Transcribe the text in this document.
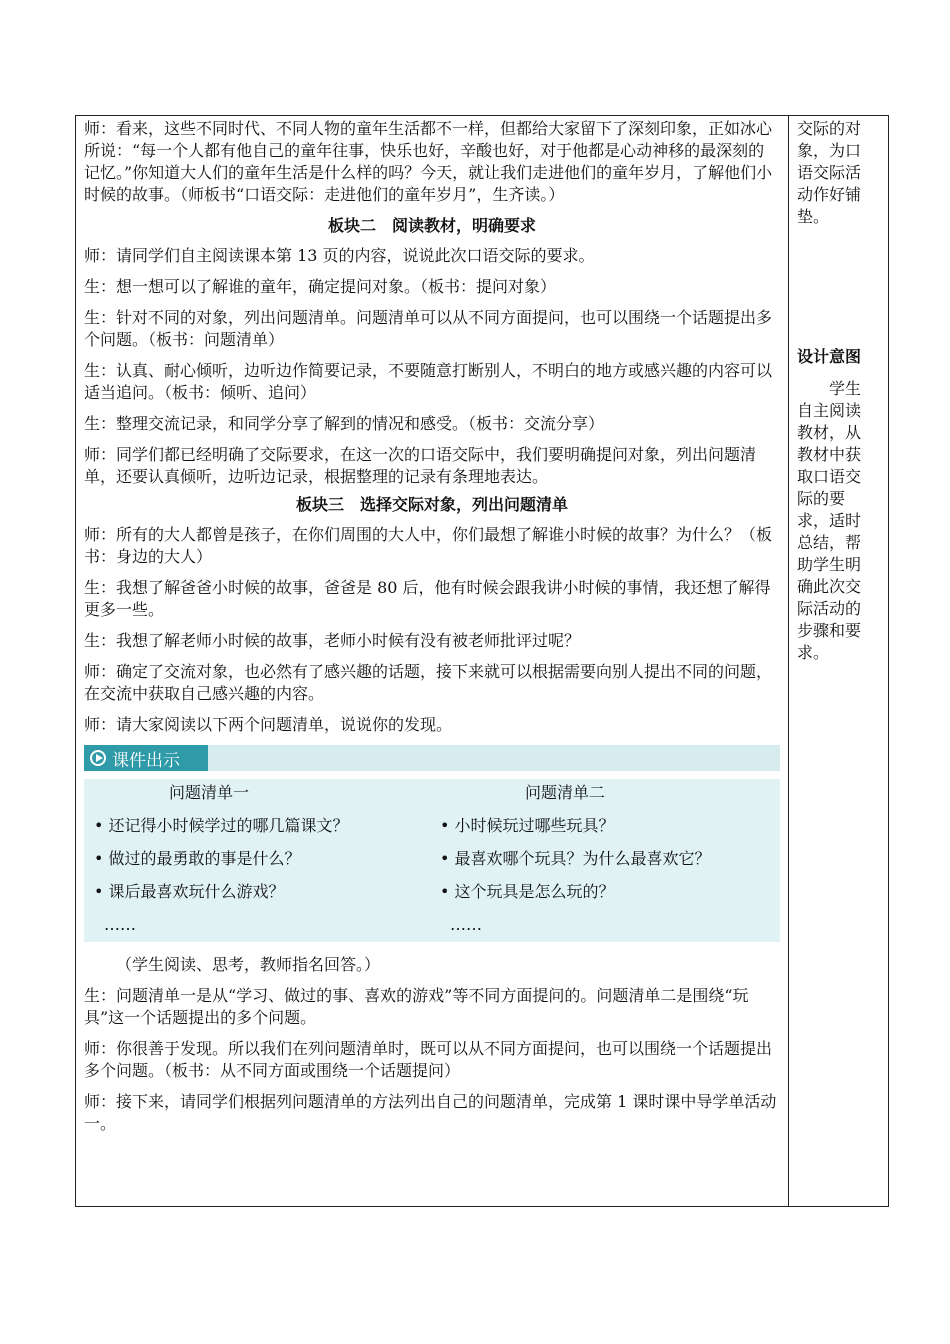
师：看来，这些不同时代、不同人物的童年生活都不一样，但都给大家留下了深刻印象，正如冰心所说：“每一个人都有他自己的童年往事，快乐也好，辛酸也好，对于他都是心动神移的最深刻的记忆。”你知道大人们的童年生活是什么样的吗？今天，就让我们走进他们的童年岁月，了解他们小时候的故事。（师板书“口语交际：走进他们的童年岁月”，生齐读。）

板块二　阅读教材，明确要求

师：请同学们自主阅读课本第 13 页的内容，说说此次口语交际的要求。

生：想一想可以了解谁的童年，确定提问对象。（板书：提问对象）

生：针对不同的对象，列出问题清单。问题清单可以从不同方面提问，也可以围绕一个话题提出多个问题。（板书：问题清单）

生：认真、耐心倾听，边听边作简要记录，不要随意打断别人，不明白的地方或感兴趣的内容可以适当追问。（板书：倾听、追问）

生：整理交流记录，和同学分享了解到的情况和感受。（板书：交流分享）

师：同学们都已经明确了交际要求，在这一次的口语交际中，我们要明确提问对象，列出问题清单，还要认真倾听，边听边记录，根据整理的记录有条理地表达。

板块三　选择交际对象，列出问题清单

师：所有的大人都曾是孩子，在你们周围的大人中，你们最想了解谁小时候的故事？为什么？（板书：身边的大人）

生：我想了解爸爸小时候的故事，爸爸是 80 后，他有时候会跟我讲小时候的事情，我还想了解得更多一些。

生：我想了解老师小时候的故事，老师小时候有没有被老师批评过呢？

师：确定了交流对象，也必然有了感兴趣的话题，接下来就可以根据需要向别人提出不同的问题，在交流中获取自己感兴趣的内容。

师：请大家阅读以下两个问题清单，说说你的发现。

课件出示
问题清单一
• 还记得小时候学过的哪几篇课文？
• 做过的最勇敢的事是什么？
• 课后最喜欢玩什么游戏？
……
问题清单二
• 小时候玩过哪些玩具？
• 最喜欢哪个玩具？为什么最喜欢它？
• 这个玩具是怎么玩的？
……

（学生阅读、思考，教师指名回答。）

生：问题清单一是从“学习、做过的事、喜欢的游戏”等不同方面提问的。问题清单二是围绕“玩具”这一个话题提出的多个问题。

师：你很善于发现。所以我们在列问题清单时，既可以从不同方面提问，也可以围绕一个话题提出多个问题。（板书：从不同方面或围绕一个话题提问）

师：接下来，请同学们根据列问题清单的方法列出自己的问题清单，完成第 1 课时课中导学单活动一。

交际的对象，为口语交际活动作好铺垫。

设计意图

学生自主阅读教材，从教材中获取口语交际的要求，适时总结，帮助学生明确此次交际活动的步骤和要求。
